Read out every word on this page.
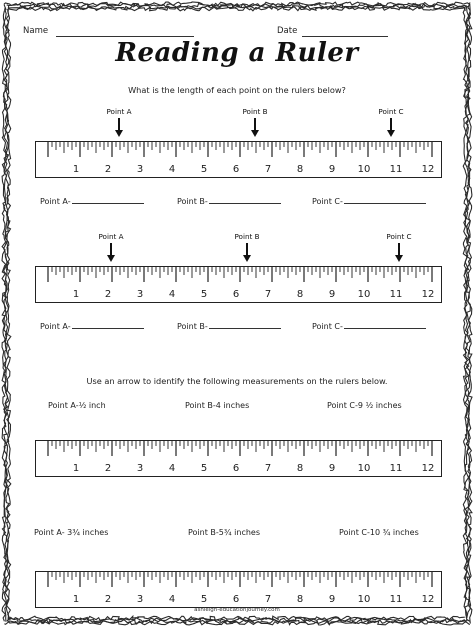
Name	Date
Reading a Ruler
What is the length of each point on the rulers below?
1	2	3	4	5	6	7	8	9 10 11 12
Point A-	Point B-	Point C-
1	2	3	4	5	6	7	8	9 10 11 12
Point A-	Point B-	Point C-
Use an arrow to identify the following measurements on the rulers below.
Point A-½ inch	Point B-4 inches	Point C-9 ½ inches
1	2	3	4	5	6	7	8	9 10 11 12
Point A- 3¾ inches	Point B-5¾ inches	Point C-10 ¾ inches
1	2	3	4	5	6	7	8	9 10 11 12
ashleigh-educationjourney.com
Point A	Point B	Point C
Point A	Point B	Point C
